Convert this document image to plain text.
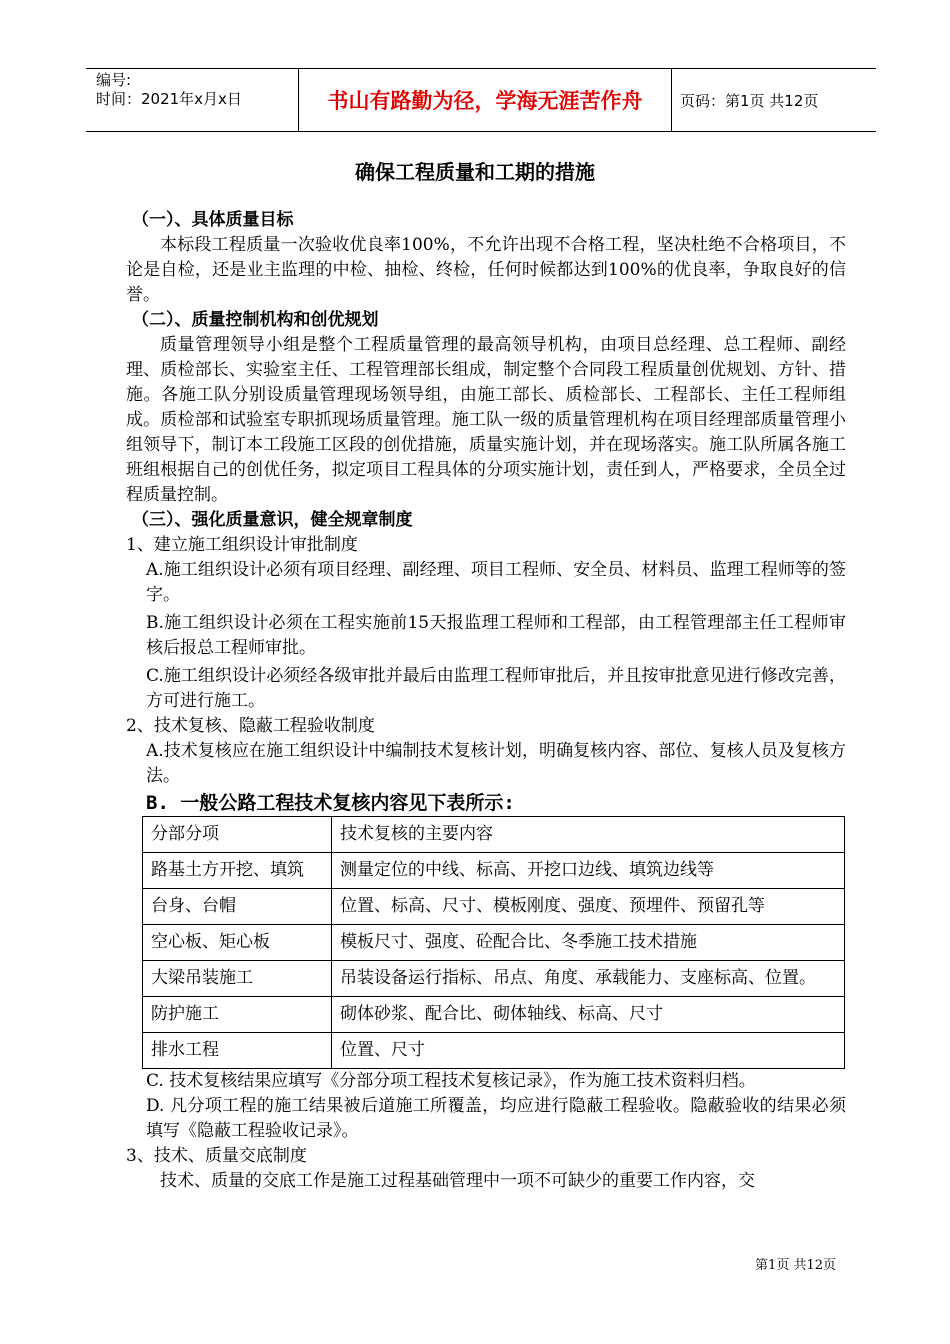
编号:
时间：2021年x月x日	书山有路勤为径，学海无涯苦作舟	页码：第1页 共12页
确保工程质量和工期的措施

（一）、具体质量目标

本标段工程质量一次验收优良率100%，不允许出现不合格工程，坚决杜绝不合格项目，不论是自检，还是业主监理的中检、抽检、终检，任何时候都达到100%的优良率，争取良好的信誉。

（二）、质量控制机构和创优规划

质量管理领导小组是整个工程质量管理的最高领导机构，由项目总经理、总工程师、副经理、质检部长、实验室主任、工程管理部长组成，制定整个合同段工程质量创优规划、方针、措施。各施工队分别设质量管理现场领导组，由施工部长、质检部长、工程部长、主任工程师组成。质检部和试验室专职抓现场质量管理。施工队一级的质量管理机构在项目经理部质量管理小组领导下，制订本工段施工区段的创优措施，质量实施计划，并在现场落实。施工队所属各施工班组根据自己的创优任务，拟定项目工程具体的分项实施计划，责任到人，严格要求，全员全过程质量控制。

（三）、强化质量意识，健全规章制度

1、建立施工组织设计审批制度

A.施工组织设计必须有项目经理、副经理、项目工程师、安全员、材料员、监理工程师等的签字。

B.施工组织设计必须在工程实施前15天报监理工程师和工程部，由工程管理部主任工程师审核后报总工程师审批。

C.施工组织设计必须经各级审批并最后由监理工程师审批后，并且按审批意见进行修改完善，方可进行施工。

2、技术复核、隐蔽工程验收制度

A.技术复核应在施工组织设计中编制技术复核计划，明确复核内容、部位、复核人员及复核方法。

B. 一般公路工程技术复核内容见下表所示:

分部分项	技术复核的主要内容
路基土方开挖、填筑	测量定位的中线、标高、开挖口边线、填筑边线等
台身、台帽	位置、标高、尺寸、模板刚度、强度、预埋件、预留孔等
空心板、矩心板	模板尺寸、强度、砼配合比、冬季施工技术措施
大梁吊装施工	吊装设备运行指标、吊点、角度、承载能力、支座标高、位置。
防护施工	砌体砂浆、配合比、砌体轴线、标高、尺寸
排水工程	位置、尺寸

C. 技术复核结果应填写《分部分项工程技术复核记录》，作为施工技术资料归档。

D. 凡分项工程的施工结果被后道施工所覆盖，均应进行隐蔽工程验收。隐蔽验收的结果必须填写《隐蔽工程验收记录》。

3、技术、质量交底制度

技术、质量的交底工作是施工过程基础管理中一项不可缺少的重要工作内容，交

第1页 共12页
